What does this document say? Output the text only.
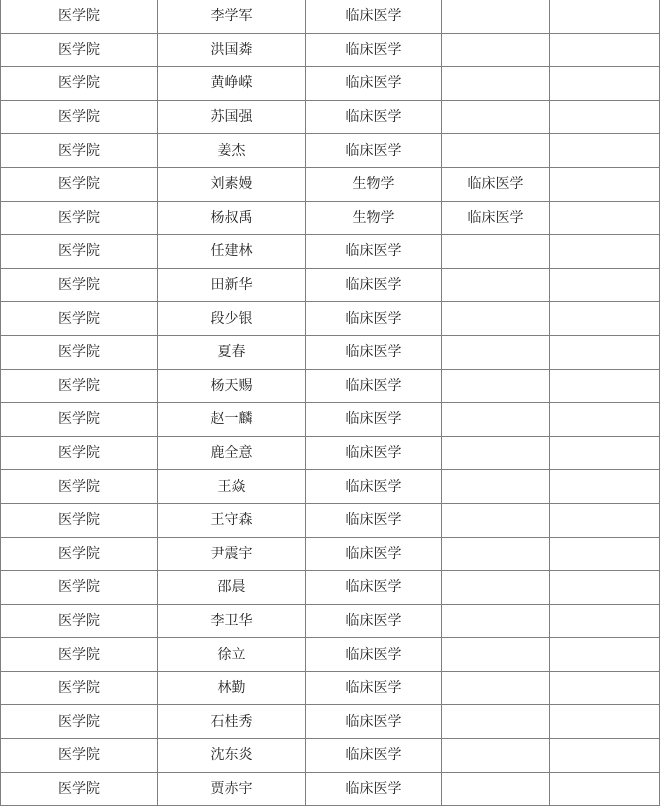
医学院	李学军	临床医学		
医学院	洪国粦	临床医学		
医学院	黄峥嵘	临床医学		
医学院	苏国强	临床医学		
医学院	姜杰	临床医学		
医学院	刘素嫚	生物学	临床医学	
医学院	杨叔禹	生物学	临床医学	
医学院	任建林	临床医学		
医学院	田新华	临床医学		
医学院	段少银	临床医学		
医学院	夏春	临床医学		
医学院	杨天赐	临床医学		
医学院	赵一麟	临床医学		
医学院	鹿全意	临床医学		
医学院	王焱	临床医学		
医学院	王守森	临床医学		
医学院	尹震宇	临床医学		
医学院	邵晨	临床医学		
医学院	李卫华	临床医学		
医学院	徐立	临床医学		
医学院	林勤	临床医学		
医学院	石桂秀	临床医学		
医学院	沈东炎	临床医学		
医学院	贾赤宇	临床医学		
